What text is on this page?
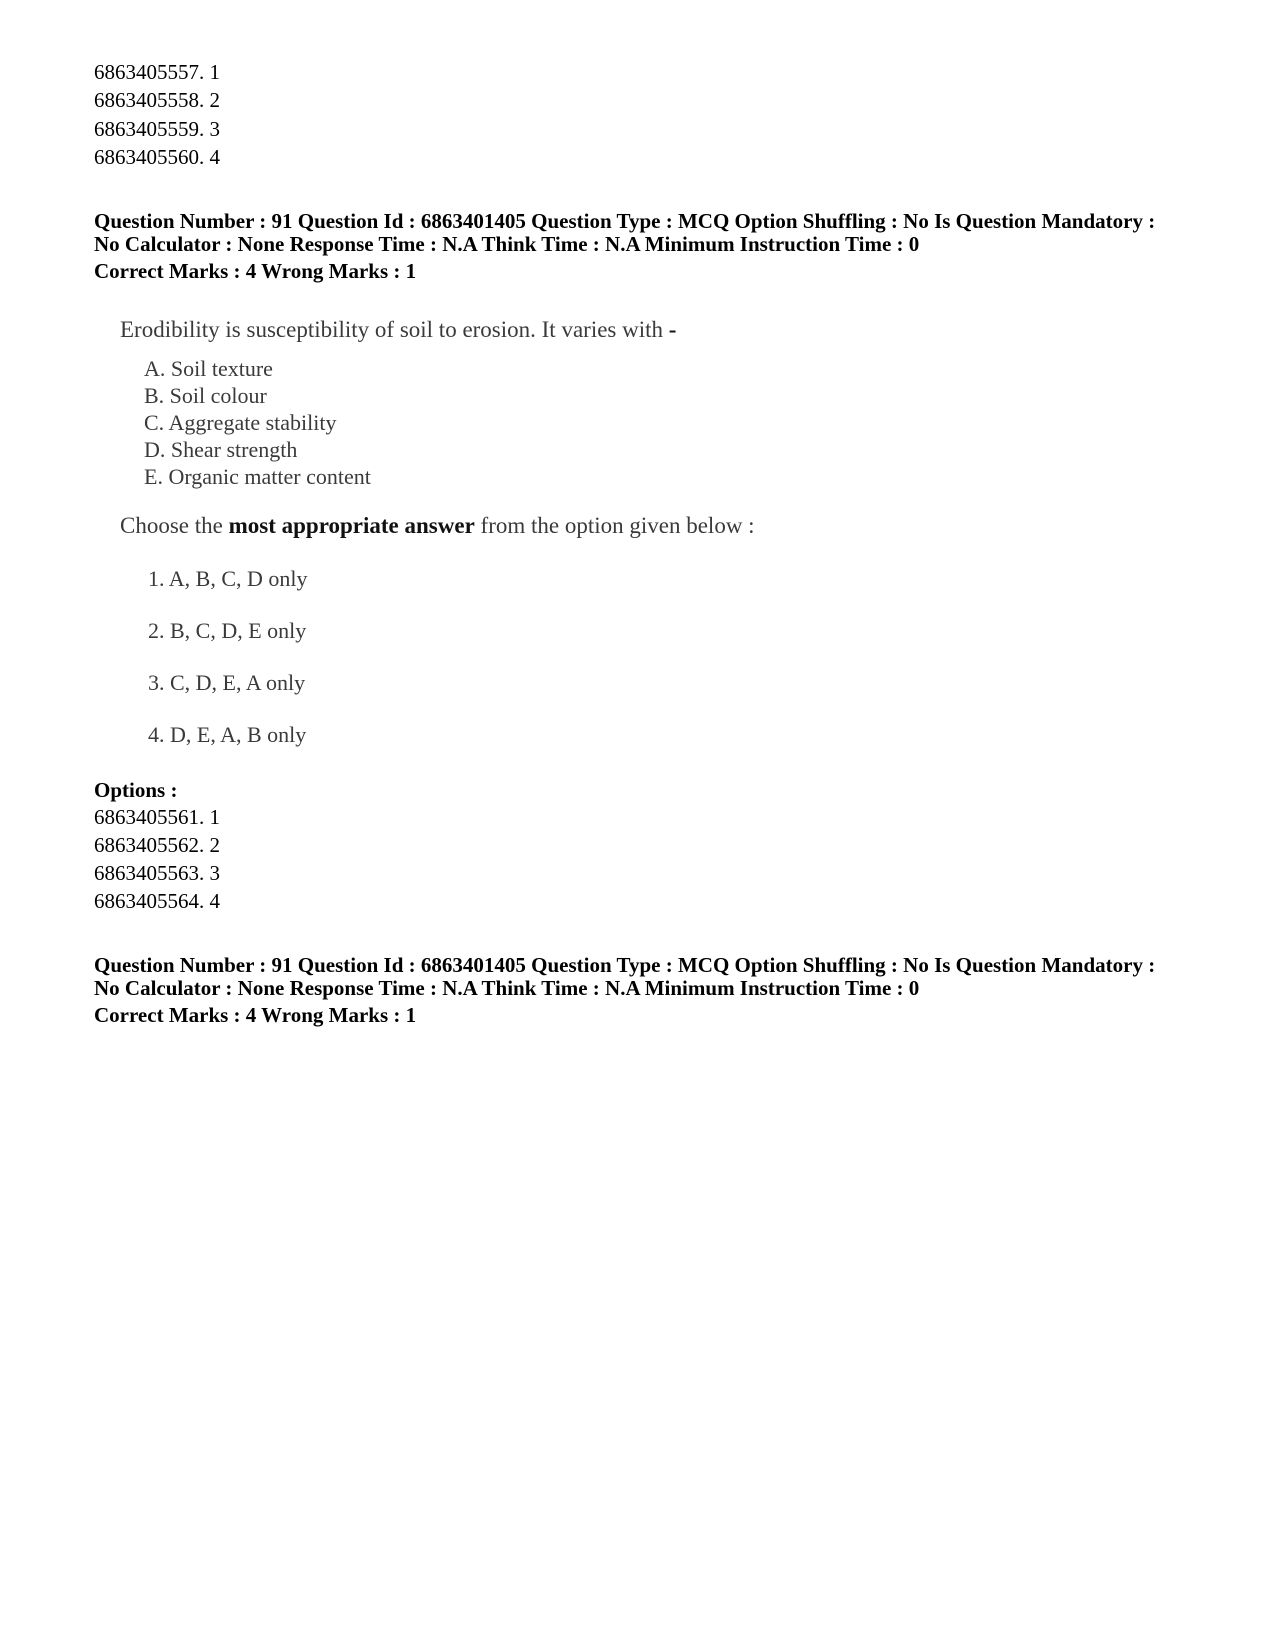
6863405557. 1
6863405558. 2
6863405559. 3
6863405560. 4
Question Number : 91 Question Id : 6863401405 Question Type : MCQ Option Shuffling : No Is Question Mandatory :
No Calculator : None Response Time : N.A Think Time : N.A Minimum Instruction Time : 0
Correct Marks : 4 Wrong Marks : 1
Erodibility is susceptibility of soil to erosion. It varies with -
A. Soil texture
B. Soil colour
C. Aggregate stability
D. Shear strength
E. Organic matter content
Choose the most appropriate answer from the option given below :
1. A, B, C, D only
2. B, C, D, E only
3. C, D, E, A only
4. D, E, A, B only
Options :
6863405561. 1
6863405562. 2
6863405563. 3
6863405564. 4
Question Number : 91 Question Id : 6863401405 Question Type : MCQ Option Shuffling : No Is Question Mandatory :
No Calculator : None Response Time : N.A Think Time : N.A Minimum Instruction Time : 0
Correct Marks : 4 Wrong Marks : 1
